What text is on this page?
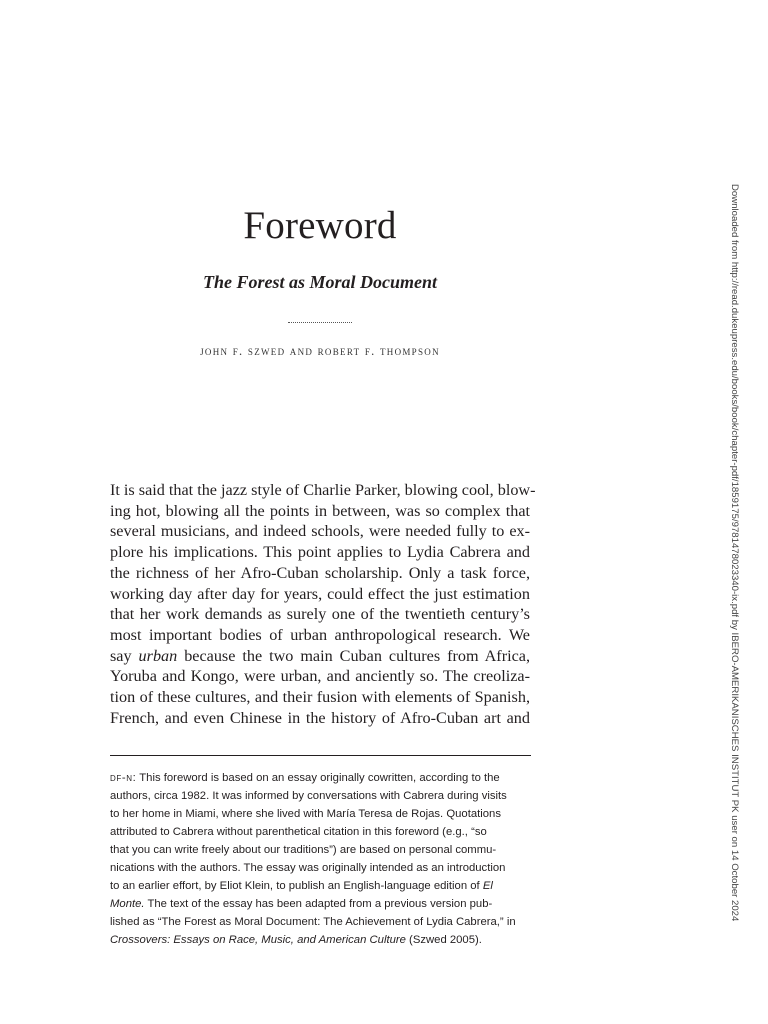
Foreword
The Forest as Moral Document

john f. szwed and robert f. thompson

It is said that the jazz style of Charlie Parker, blowing cool, blow-
ing hot, blowing all the points in between, was so complex that
several musicians, and indeed schools, were needed fully to ex-
plore his implications. This point applies to Lydia Cabrera and
the richness of her Afro-Cuban scholarship. Only a task force,
working day after day for years, could effect the just estimation
that her work demands as surely one of the twentieth century’s
most important bodies of urban anthropological research. We
say urban because the two main Cuban cultures from Africa,
Yoruba and Kongo, were urban, and anciently so. The creoliza-
tion of these cultures, and their fusion with elements of Spanish,
French, and even Chinese in the history of Afro-Cuban art and

df-n: This foreword is based on an essay originally cowritten, according to the
authors, circa 1982. It was informed by conversations with Cabrera during visits
to her home in Miami, where she lived with María Teresa de Rojas. Quotations
attributed to Cabrera without parenthetical citation in this foreword (e.g., “so
that you can write freely about our traditions”) are based on personal commu-
nications with the authors. The essay was originally intended as an introduction
to an earlier effort, by Eliot Klein, to publish an English-language edition of El
Monte. The text of the essay has been adapted from a previous version pub-
lished as “The Forest as Moral Document: The Achievement of Lydia Cabrera,” in
Crossovers: Essays on Race, Music, and American Culture (Szwed 2005).
Downloaded from http://read.dukeupress.edu/books/book/chapter-pdf/1859175/9781478023340-ix.pdf by IBERO-AMERIKANISCHES INSTITUT PK user on 14 October 2024
